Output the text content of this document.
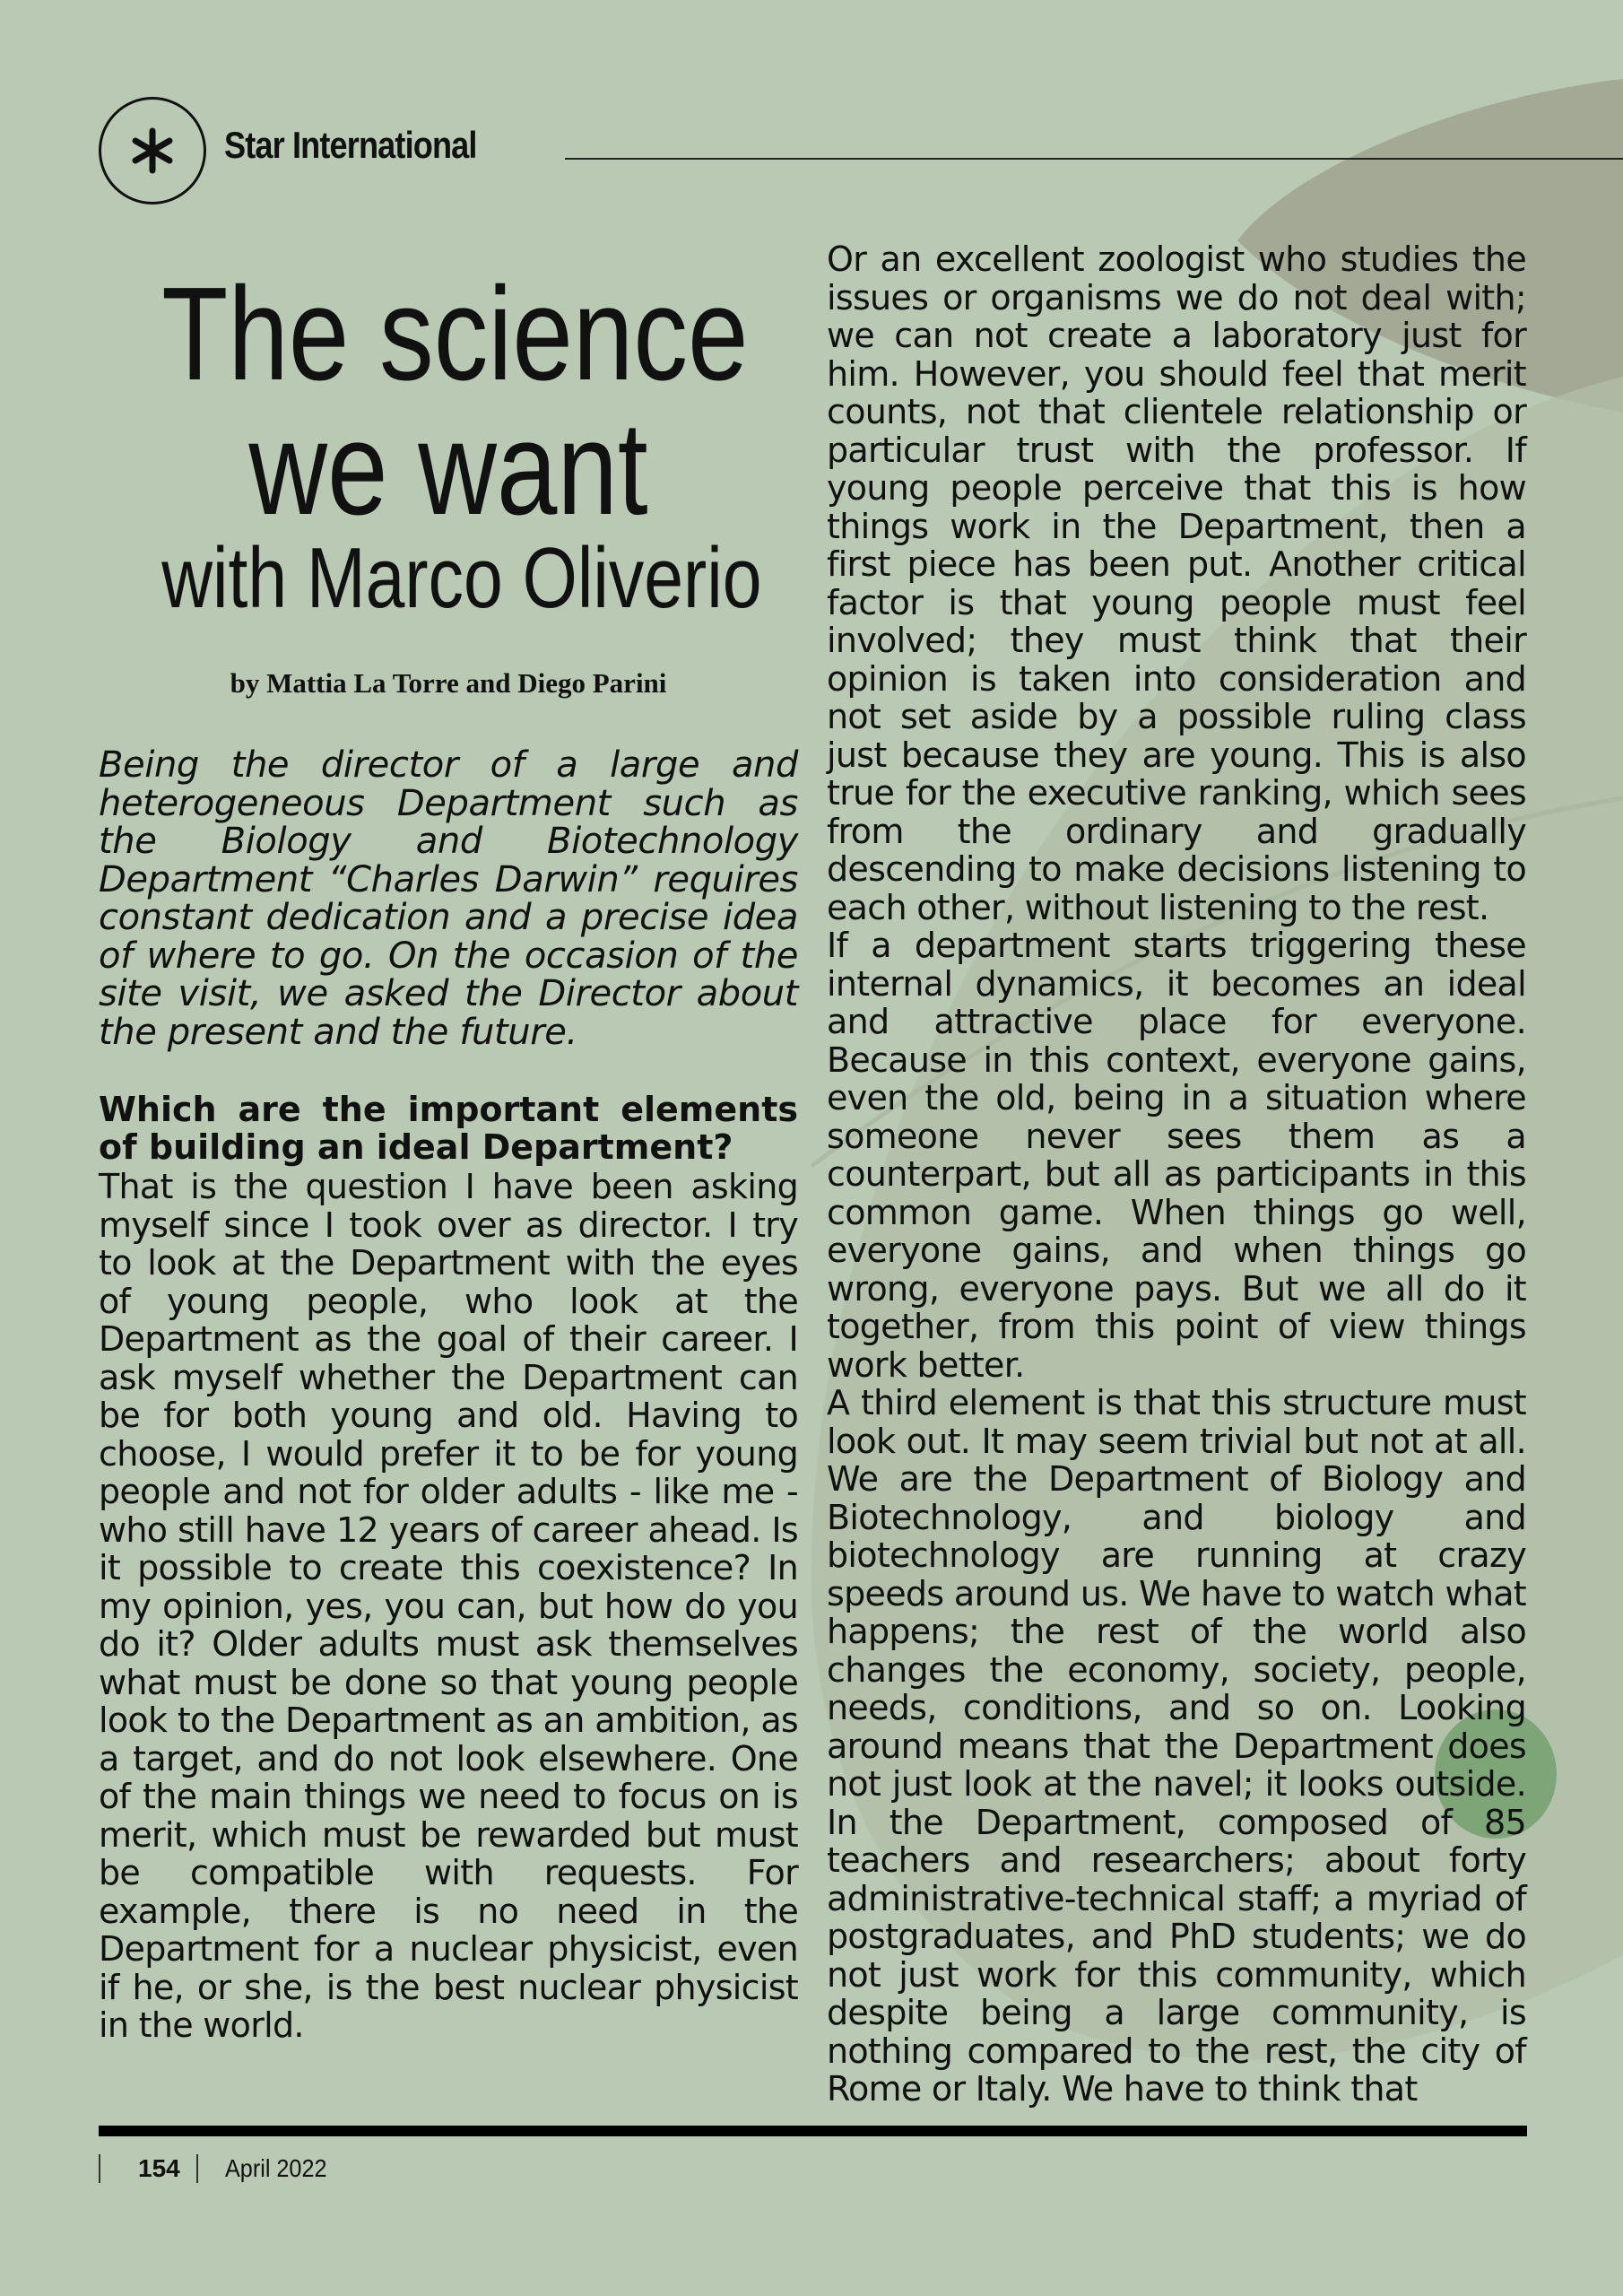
Star International
The science
we want
with Marco Oliverio
by Mattia La Torre and Diego Parini
Being the director of a large and heterogeneous Department such as the Biology and Biotechnology Department “Charles Darwin” requires constant dedication and a precise idea of where to go. On the occasion of the site visit, we asked the Director about the present and the future.
Which are the important elements of building an ideal Department?

That is the question I have been asking myself since I took over as director. I try to look at the Department with the eyes of young people, who look at the Department as the goal of their career. I ask myself whether the Department can be for both young and old. Having to choose, I would prefer it to be for young people and not for older adults - like me - who still have 12 years of career ahead. Is it possible to create this coexistence? In my opinion, yes, you can, but how do you do it? Older adults must ask themselves what must be done so that young people look to the Department as an ambition, as a target, and do not look elsewhere. One of the main things we need to focus on is merit, which must be rewarded but must be compatible with requests. For example, there is no need in the Department for a nuclear physicist, even if he, or she, is the best nuclear physicist in the world.

Or an excellent zoologist who studies the issues or organisms we do not deal with; we can not create a laboratory just for him. However, you should feel that merit counts, not that clientele relationship or particular trust with the professor. If young people perceive that this is how things work in the Department, then a first piece has been put. Another critical factor is that young people must feel involved; they must think that their opinion is taken into consideration and not set aside by a possible ruling class just because they are young. This is also true for the executive ranking, which sees from the ordinary and gradually descending to make decisions listening to each other, without listening to the rest.

If a department starts triggering these internal dynamics, it becomes an ideal and attractive place for everyone. Because in this context, everyone gains, even the old, being in a situation where someone never sees them as a counterpart, but all as participants in this common game. When things go well, everyone gains, and when things go wrong, everyone pays. But we all do it together, from this point of view things work better.

A third element is that this structure must look out. It may seem trivial but not at all. We are the Department of Biology and Biotechnology, and biology and biotechnology are running at crazy speeds around us. We have to watch what happens; the rest of the world also changes the economy, society, people, needs, conditions, and so on. Looking around means that the Department does not just look at the navel; it looks outside. In the Department, composed of 85 teachers and researchers; about forty administrative-technical staff; a myriad of postgraduates, and PhD students; we do not just work for this community, which despite being a large community, is nothing compared to the rest, the city of Rome or Italy. We have to think that

154 April 2022
